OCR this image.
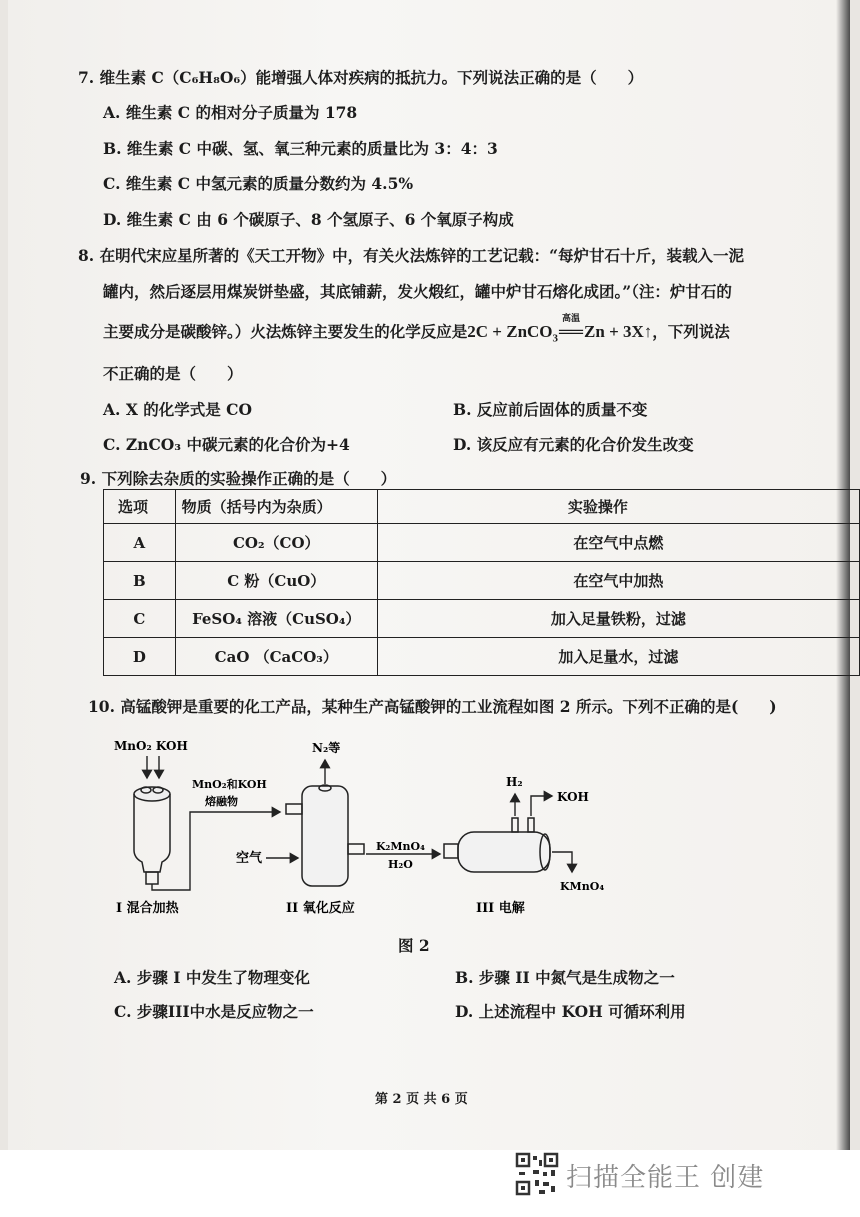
7. 维生素 C（C₆H₈O₆）能增强人体对疾病的抵抗力。下列说法正确的是（　　）
A. 维生素 C 的相对分子质量为 178
B. 维生素 C 中碳、氢、氧三种元素的质量比为 3：4：3
C. 维生素 C 中氢元素的质量分数约为 4.5%
D. 维生素 C 由 6 个碳原子、8 个氢原子、6 个氧原子构成
8. 在明代宋应星所著的《天工开物》中，有关火法炼锌的工艺记载：“每炉甘石十斤，装载入一泥
罐内，然后逐层用煤炭饼垫盛，其底铺薪，发火煅红，罐中炉甘石熔化成团。”（注：炉甘石的
主要成分是碳酸锌。）火法炼锌主要发生的化学反应是2C + ZnCO$_3$
高温
══Zn + 3X↑，下列说法
不正确的是（　　）
A. X 的化学式是 CO	B. 反应前后固体的质量不变
C. ZnCO₃ 中碳元素的化合价为+4	D. 该反应有元素的化合价发生改变
9. 下列除去杂质的实验操作正确的是（　　）
选项	物质（括号内为杂质）	实验操作
A	CO₂（CO）	在空气中点燃
B	C 粉（CuO）	在空气中加热
C	FeSO₄ 溶液（CuSO₄）	加入足量铁粉，过滤
D	CaO （CaCO₃）	加入足量水，过滤
10. 高锰酸钾是重要的化工产品，某种生产高锰酸钾的工业流程如图 2 所示。下列不正确的是(　　)
MnO₂ KOH
MnO₂和KOH
熔融物
N₂等
空气
K₂MnO₄
H₂O
H₂
KOH
KMnO₄
I 混合加热	II 氧化反应	III 电解
图 2
A. 步骤 I 中发生了物理变化	B. 步骤 II 中氮气是生成物之一
C. 步骤III中水是反应物之一	D. 上述流程中 KOH 可循环利用
第 2 页 共 6 页
扫描全能王 创建
